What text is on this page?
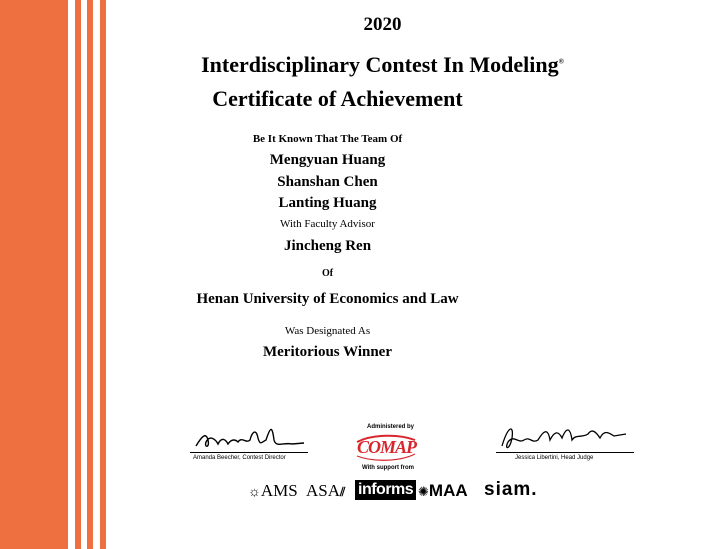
2020
Interdisciplinary Contest In Modeling®
Certificate of Achievement
Be It Known That The Team Of
Mengyuan Huang
Shanshan Chen
Lanting Huang
With Faculty Advisor
Jincheng Ren
Of
Henan University of Economics and Law
Was Designated As
Meritorious Winner
Amanda Beecher, Contest Director	Jessica Libertini, Head Judge
Administered by
COMAP
With support from
☼AMS ASA⫽ informs ✺MAA siam.
